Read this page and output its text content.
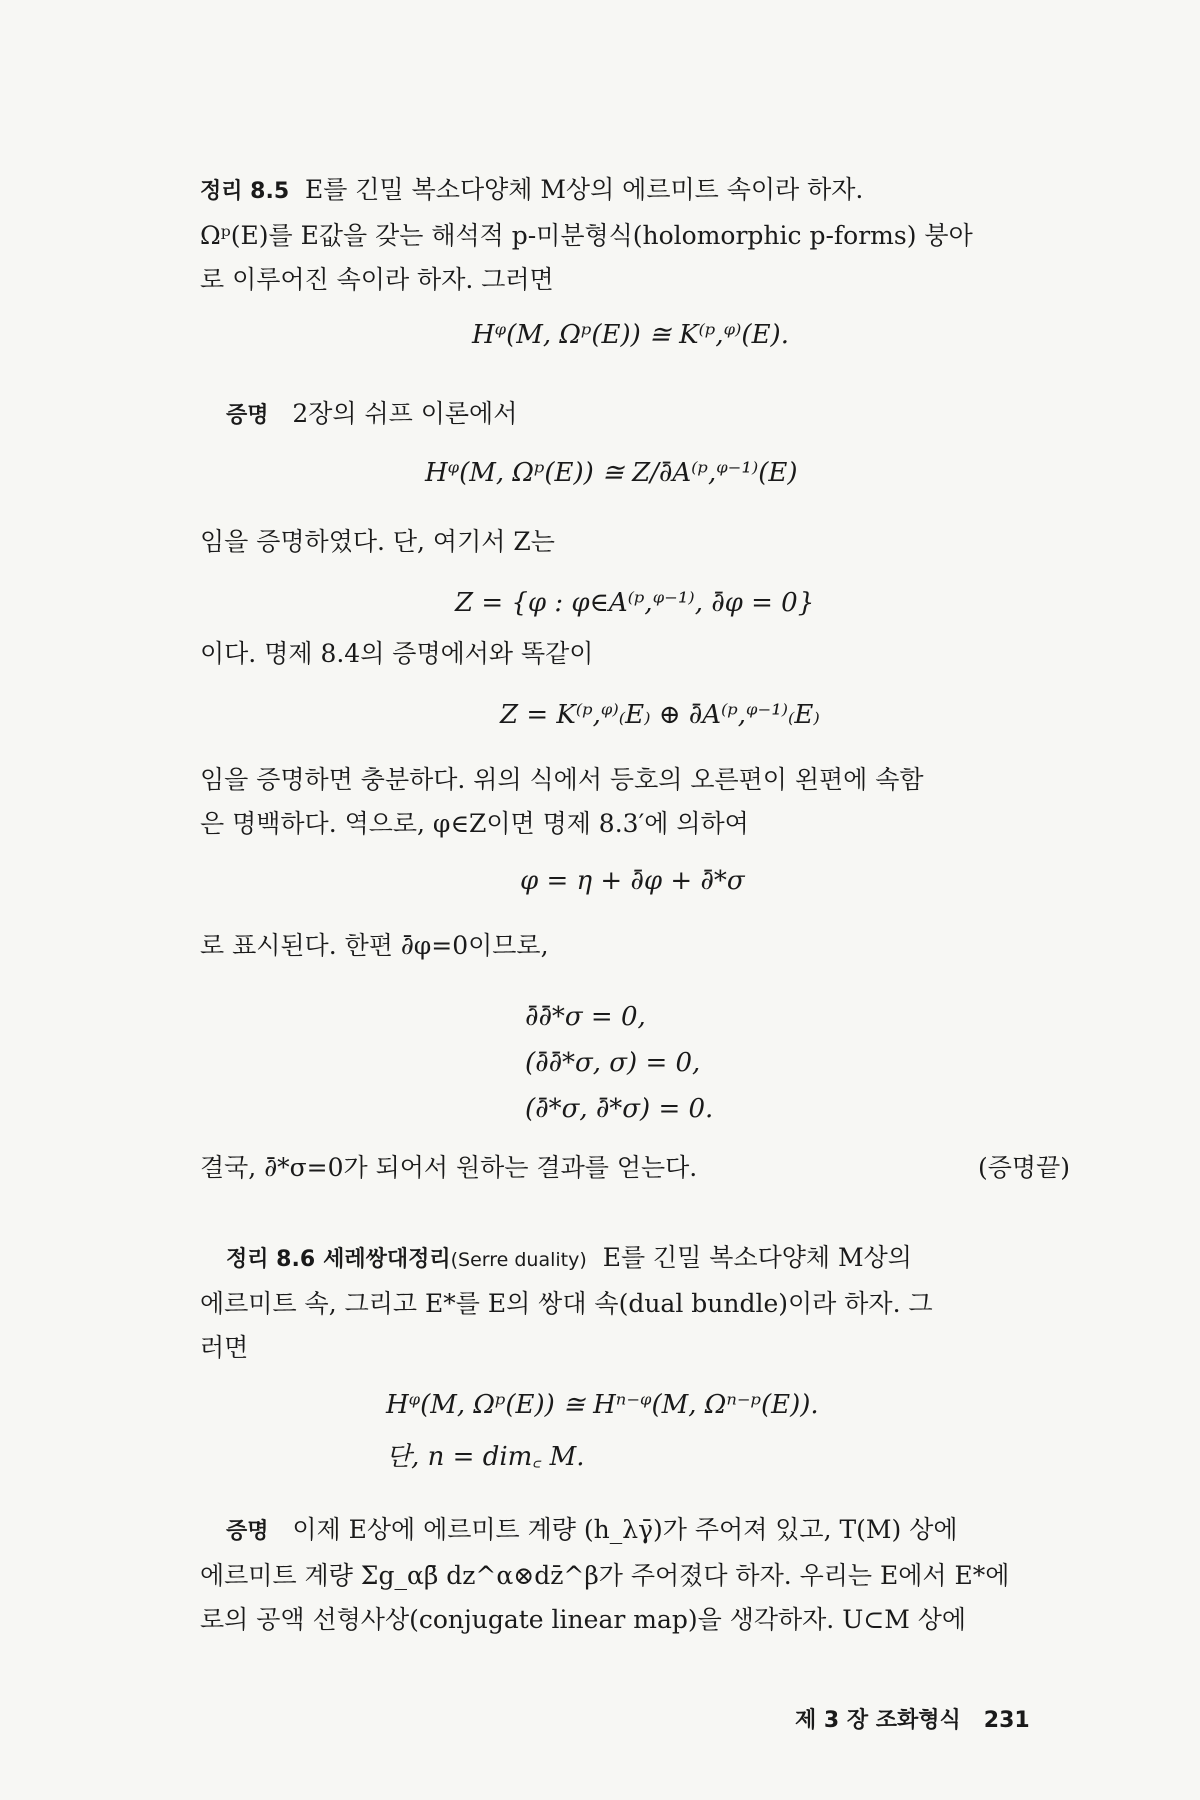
정리 8.5 E를 긴밀 복소다양체 M상의 에르미트 속이라 하자.
Ωᵖ(E)를 E값을 갖는 해석적 p-미분형식(holomorphic p-forms) 붕아
로 이루어진 속이라 하자. 그러면
Hᵠ(M, Ωᵖ(E)) ≅ K⁽ᵖ,ᵠ⁾(E).
증명 2장의 쉬프 이론에서
Hᵠ(M, Ωᵖ(E)) ≅ Z/∂̄A⁽ᵖ,ᵠ⁻¹⁾(E)
임을 증명하였다. 단, 여기서 Z는
Z = {φ : φ∈A⁽ᵖ,ᵠ⁻¹⁾, ∂̄φ = 0}
이다. 명제 8.4의 증명에서와 똑같이
Z = K⁽ᵖ,ᵠ⁾₍E₎ ⊕ ∂̄A⁽ᵖ,ᵠ⁻¹⁾₍E₎
임을 증명하면 충분하다. 위의 식에서 등호의 오른편이 왼편에 속함
은 명백하다. 역으로, φ∈Z이면 명제 8.3′에 의하여
φ = η + ∂̄φ + ∂̄*σ
로 표시된다. 한편 ∂̄φ=0이므로,
∂̄∂̄*σ = 0,
(∂̄∂̄*σ, σ) = 0,
(∂̄*σ, ∂̄*σ) = 0.
결국, ∂̄*σ=0가 되어서 원하는 결과를 얻는다.	(증명끝)
정리 8.6 세레쌍대정리(Serre duality) E를 긴밀 복소다양체 M상의
에르미트 속, 그리고 E*를 E의 쌍대 속(dual bundle)이라 하자. 그
러면
Hᵠ(M, Ωᵖ(E)) ≅ Hⁿ⁻ᵠ(M, Ωⁿ⁻ᵖ(E)).
단, n = dim꜀ M.
증명 이제 E상에 에르미트 계량 (h_λγ̄)가 주어져 있고, T(M) 상에
에르미트 계량 Σg_αβ̄ dz^α⊗dz̄^β가 주어졌다 하자. 우리는 E에서 E*에
로의 공액 선형사상(conjugate linear map)을 생각하자. U⊂M 상에
제 3 장 조화형식 231
